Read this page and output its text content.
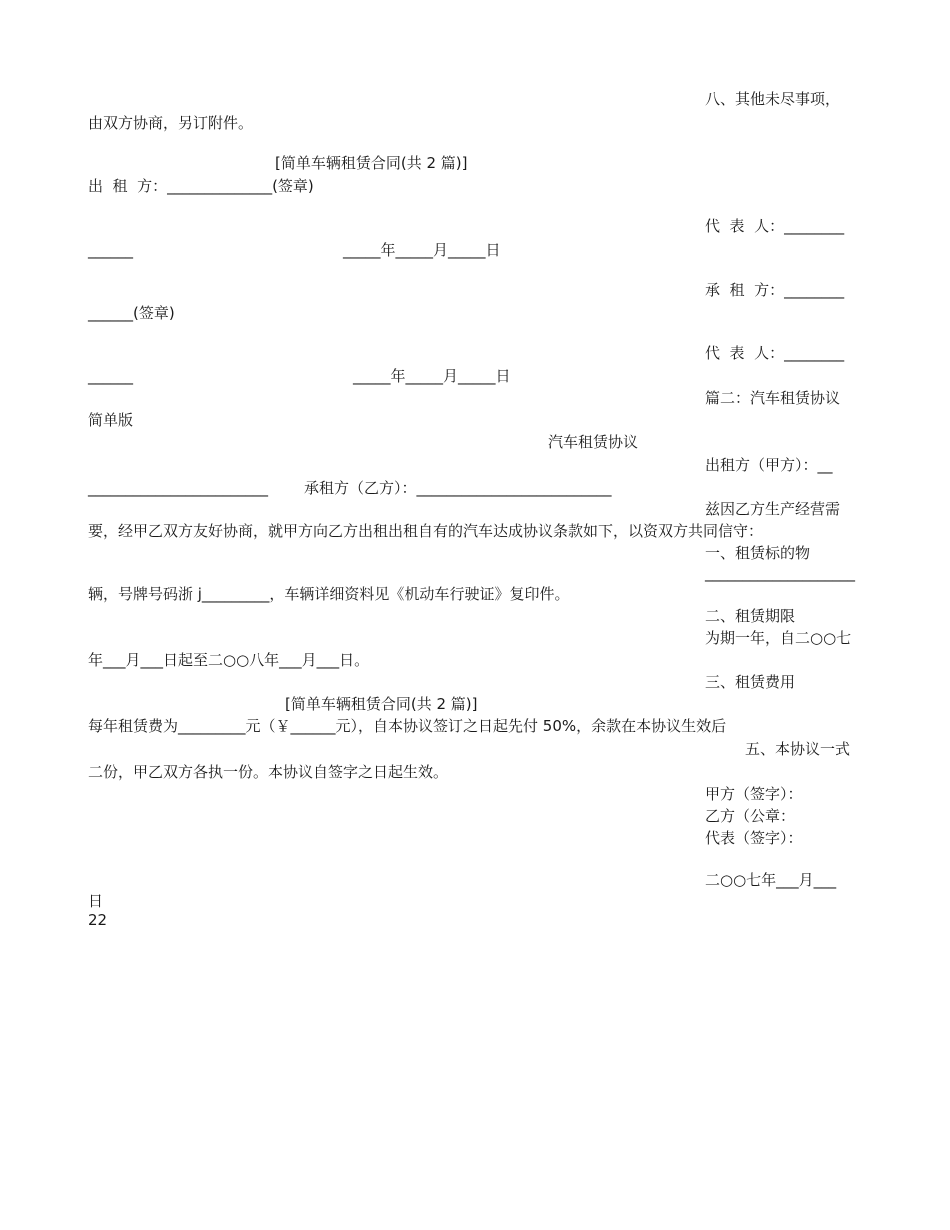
八、其他未尽事项，
由双方协商，另订附件。
[简单车辆租赁合同(共 2 篇)]
出  租  方：______________(签章)
代  表  人：________
______	_____年_____月_____日
承  租  方：________
______(签章)
代  表  人：________
______	_____年_____月_____日
篇二：汽车租赁协议
简单版
汽车租赁协议
出租方（甲方）：__
________________________ 承租方（乙方）：__________________________
兹因乙方生产经营需
要，经甲乙双方友好协商，就甲方向乙方出租出租自有的汽车达成协议条款如下，以资双方共同信守：
一、租赁标的物
____________________
辆，号牌号码浙 j_________，车辆详细资料见《机动车行驶证》复印件。
二、租赁期限
为期一年，自二○○七
年___月___日起至二○○八年___月___日。
三、租赁费用
[简单车辆租赁合同(共 2 篇)]
每年租赁费为_________元（￥______元），自本协议签订之日起先付 50%，余款在本协议生效后
五、本协议一式
二份，甲乙双方各执一份。本协议自签字之日起生效。
甲方（签字）：
乙方（公章：
代表（签字）：
二○○七年___月___
日
22
